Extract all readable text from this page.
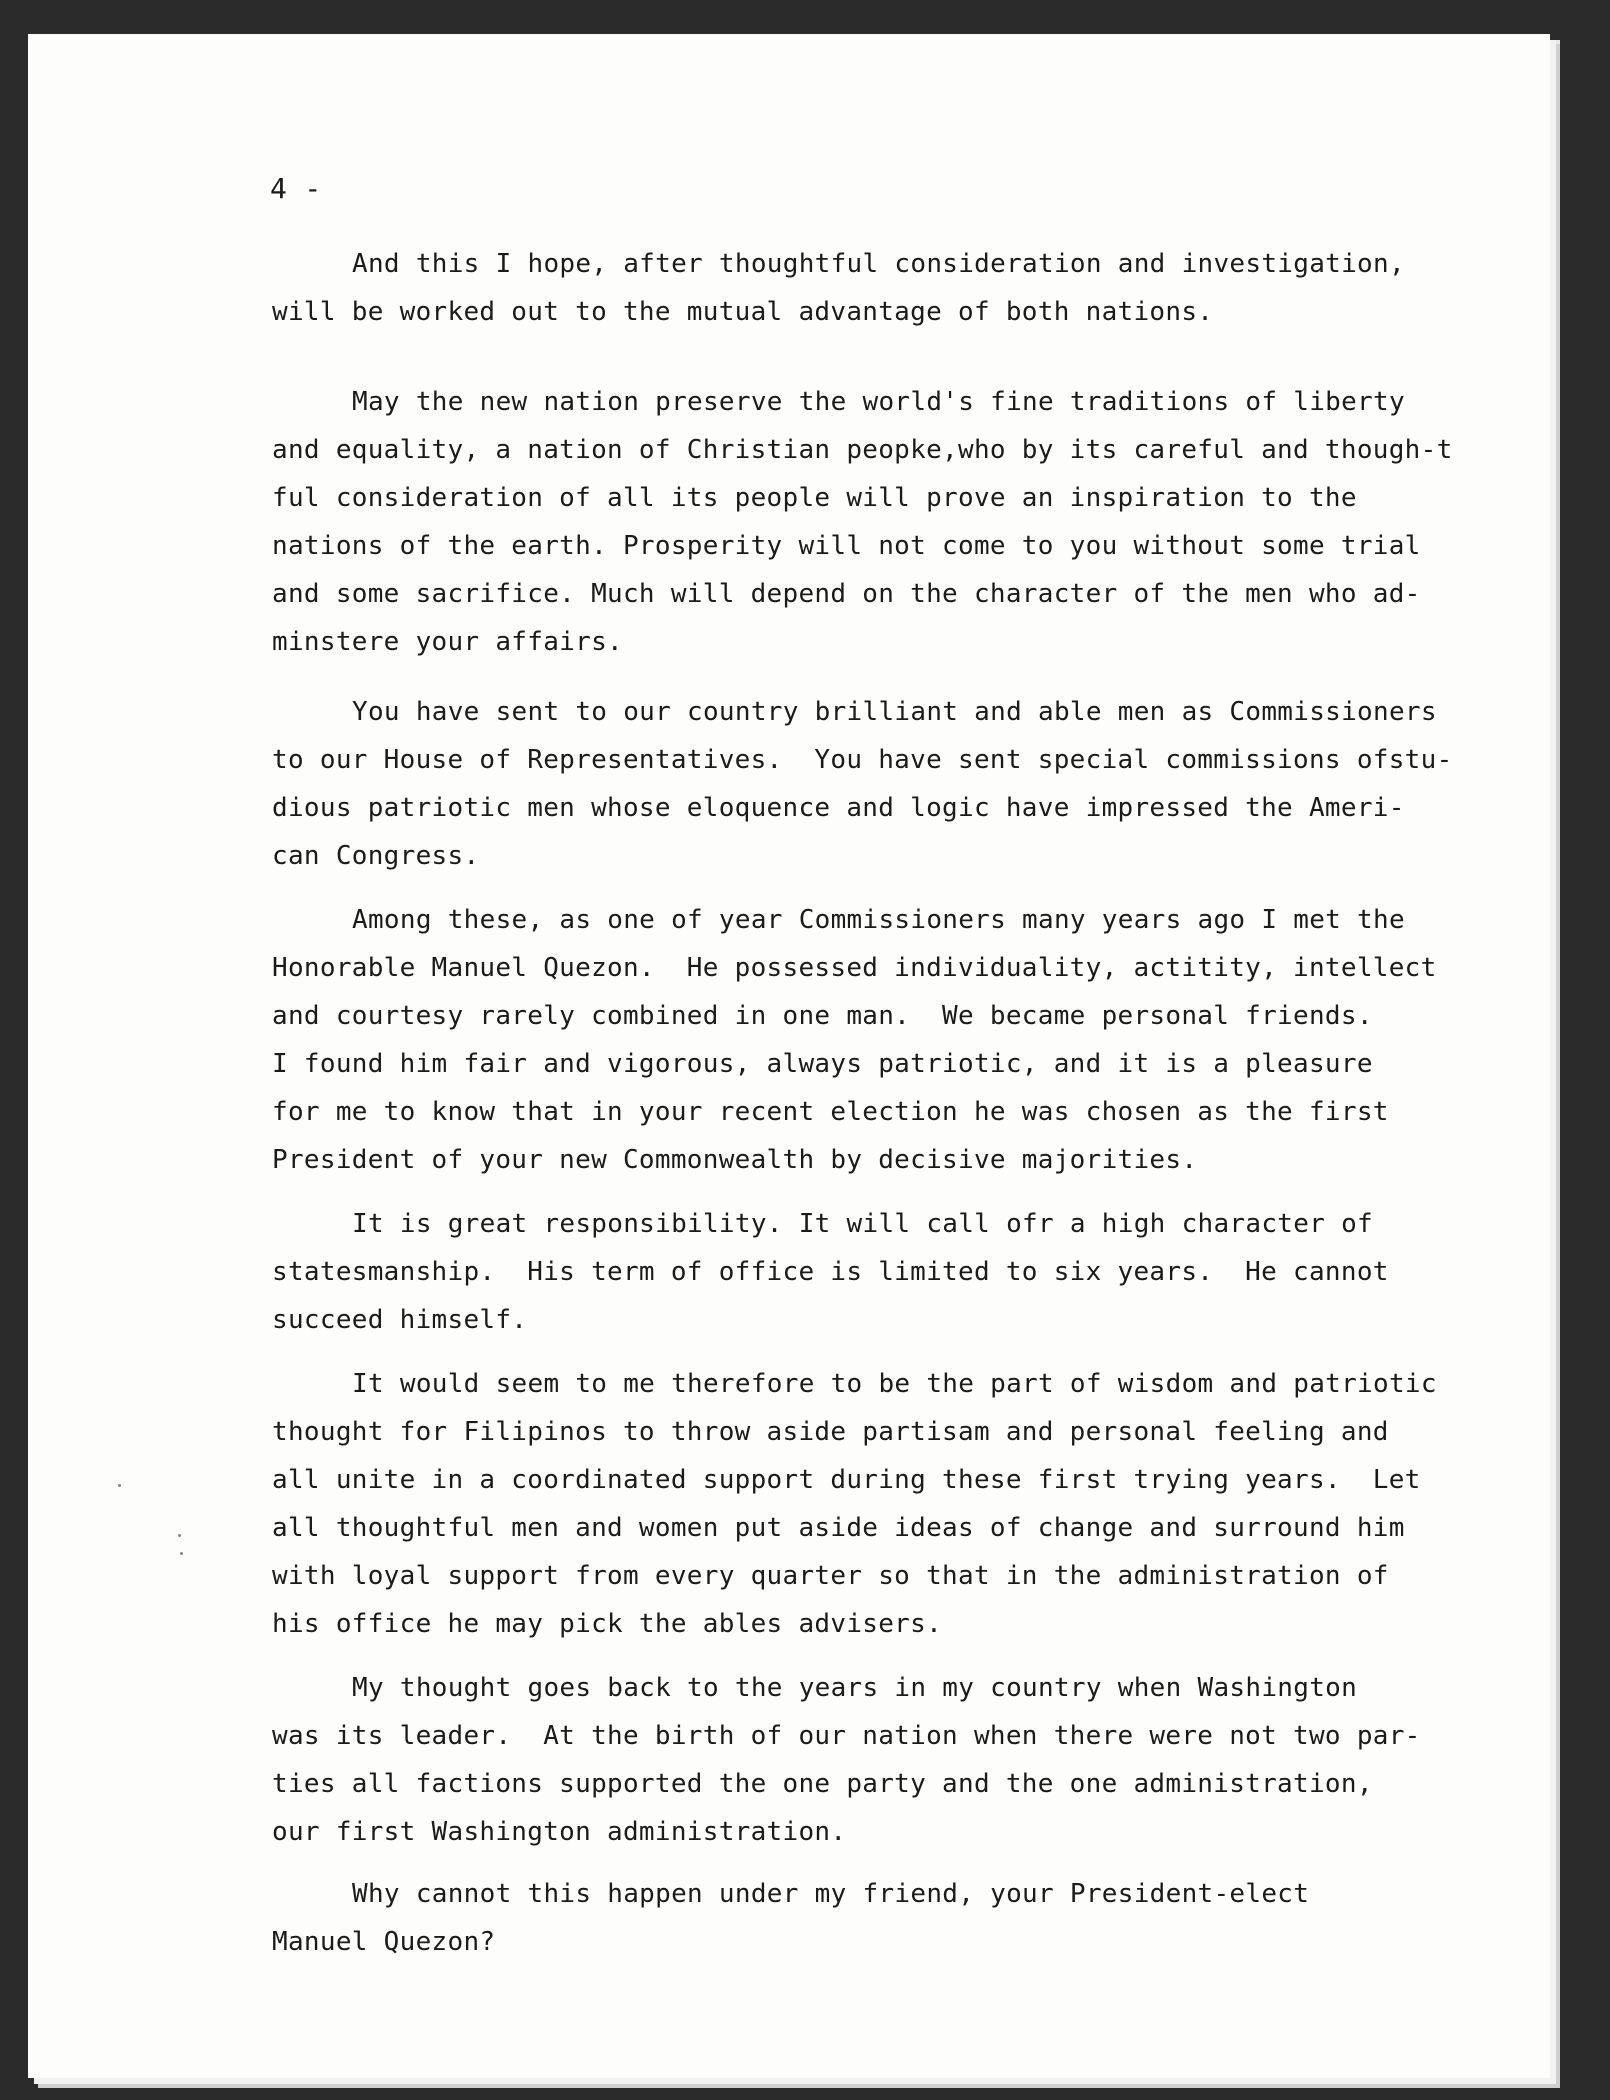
4 -
And this I hope, after thoughtful consideration and investigation,
will be worked out to the mutual advantage of both nations.
May the new nation preserve the world's fine traditions of liberty
and equality, a nation of Christian peopke,who by its careful and though-t
ful consideration of all its people will prove an inspiration to the
nations of the earth. Prosperity will not come to you without some trial
and some sacrifice. Much will depend on the character of the men who ad-
minstere your affairs.
You have sent to our country brilliant and able men as Commissioners
to our House of Representatives.  You have sent special commissions ofstu-
dious patriotic men whose eloquence and logic have impressed the Ameri-
can Congress.
Among these, as one of year Commissioners many years ago I met the
Honorable Manuel Quezon.  He possessed individuality, actitity, intellect
and courtesy rarely combined in one man.  We became personal friends.
I found him fair and vigorous, always patriotic, and it is a pleasure
for me to know that in your recent election he was chosen as the first
President of your new Commonwealth by decisive majorities.
It is great responsibility. It will call ofr a high character of
statesmanship.  His term of office is limited to six years.  He cannot
succeed himself.
It would seem to me therefore to be the part of wisdom and patriotic
thought for Filipinos to throw aside partisam and personal feeling and
all unite in a coordinated support during these first trying years.  Let
all thoughtful men and women put aside ideas of change and surround him
with loyal support from every quarter so that in the administration of
his office he may pick the ables advisers.
My thought goes back to the years in my country when Washington
was its leader.  At the birth of our nation when there were not two par-
ties all factions supported the one party and the one administration,
our first Washington administration.
Why cannot this happen under my friend, your President-elect
Manuel Quezon?
